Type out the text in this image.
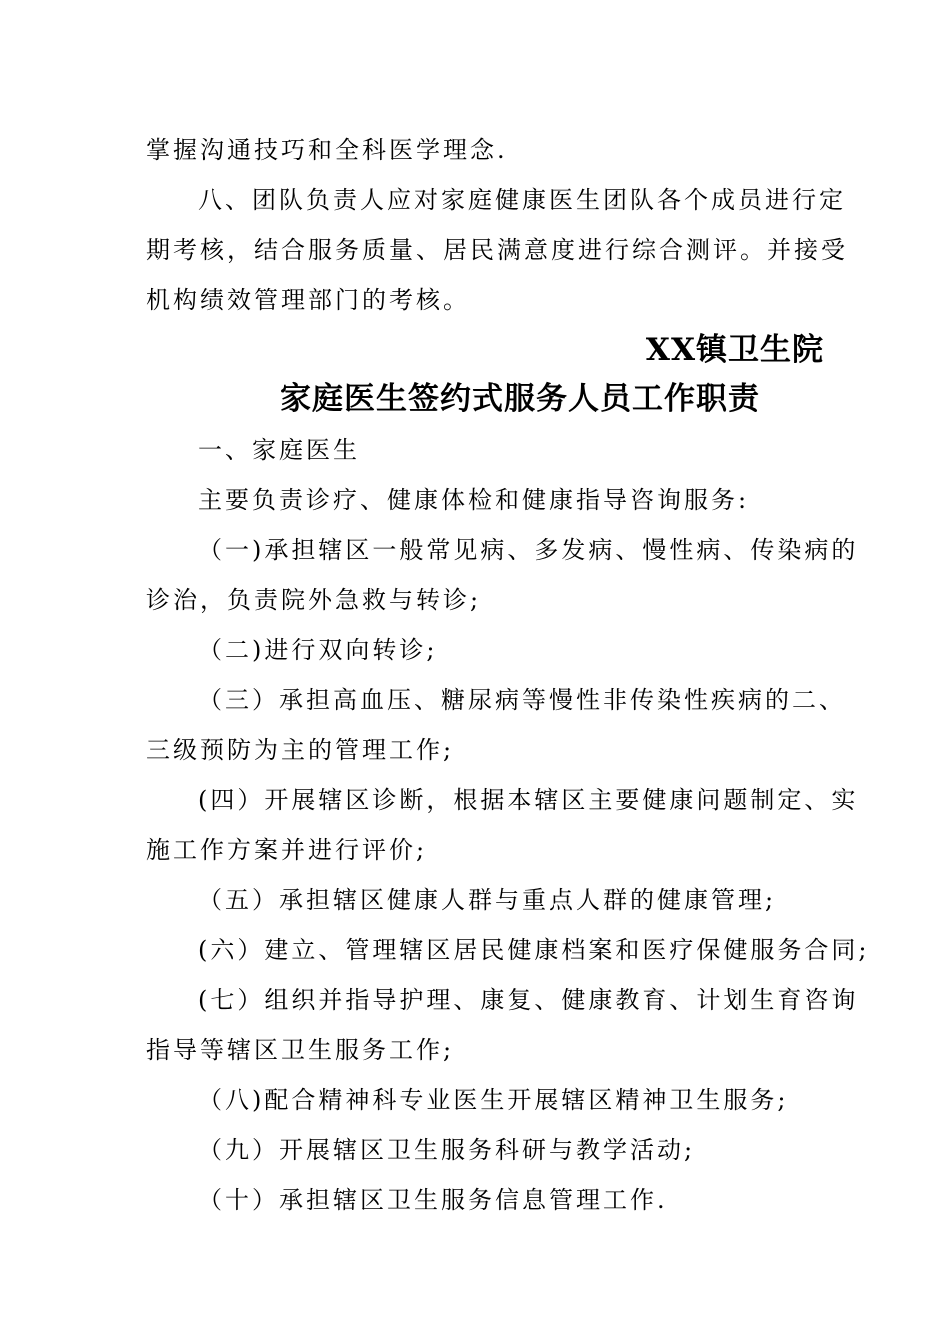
掌握沟通技巧和全科医学理念.
八、团队负责人应对家庭健康医生团队各个成员进行定
期考核，结合服务质量、居民满意度进行综合测评。并接受
机构绩效管理部门的考核。
XX镇卫生院
家庭医生签约式服务人员工作职责
一、家庭医生
主要负责诊疗、健康体检和健康指导咨询服务:
（一)承担辖区一般常见病、多发病、慢性病、传染病的
诊治，负责院外急救与转诊;
（二)进行双向转诊;
（三）承担高血压、糖尿病等慢性非传染性疾病的二、
三级预防为主的管理工作;
(四）开展辖区诊断，根据本辖区主要健康问题制定、实
施工作方案并进行评价;
（五）承担辖区健康人群与重点人群的健康管理;
(六）建立、管理辖区居民健康档案和医疗保健服务合同;
(七）组织并指导护理、康复、健康教育、计划生育咨询
指导等辖区卫生服务工作;
（八)配合精神科专业医生开展辖区精神卫生服务;
（九）开展辖区卫生服务科研与教学活动;
（十）承担辖区卫生服务信息管理工作.
